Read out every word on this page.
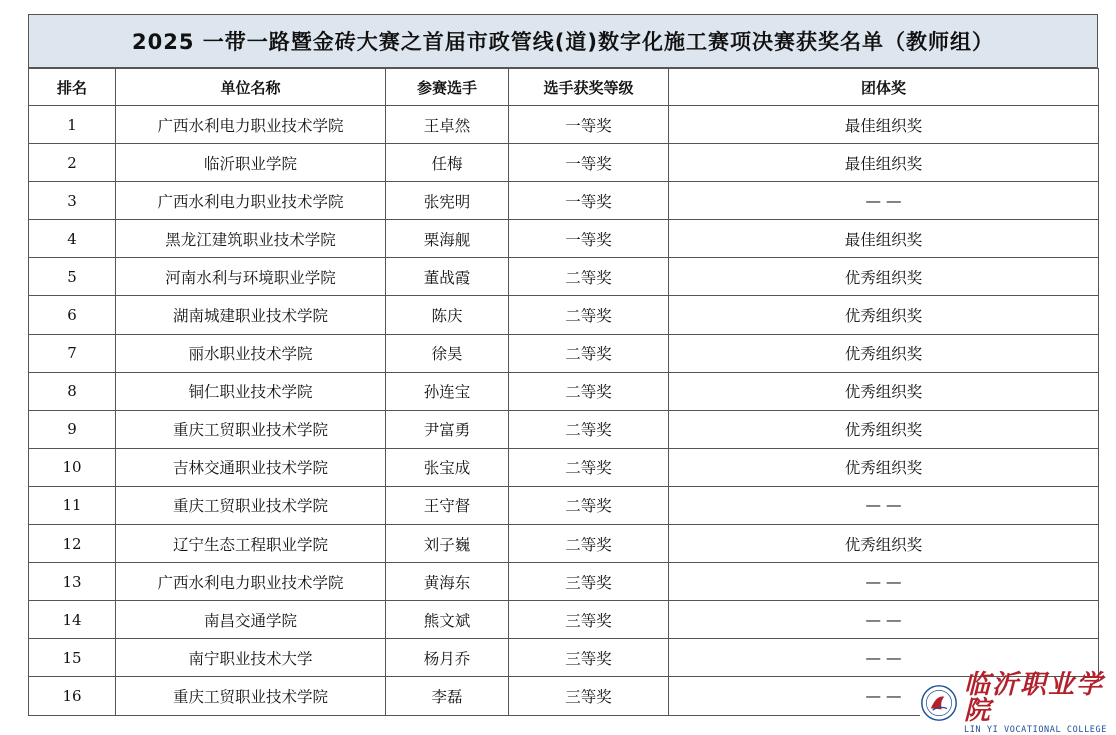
2025 一带一路暨金砖大赛之首届市政管线(道)数字化施工赛项决赛获奖名单（教师组）
排名	单位名称	参赛选手	选手获奖等级	团体奖
1	广西水利电力职业技术学院	王卓然	一等奖	最佳组织奖
2	临沂职业学院	任梅	一等奖	最佳组织奖
3	广西水利电力职业技术学院	张宪明	一等奖	— —
4	黑龙江建筑职业技术学院	栗海舰	一等奖	最佳组织奖
5	河南水利与环境职业学院	董战霞	二等奖	优秀组织奖
6	湖南城建职业技术学院	陈庆	二等奖	优秀组织奖
7	丽水职业技术学院	徐昊	二等奖	优秀组织奖
8	铜仁职业技术学院	孙连宝	二等奖	优秀组织奖
9	重庆工贸职业技术学院	尹富勇	二等奖	优秀组织奖
10	吉林交通职业技术学院	张宝成	二等奖	优秀组织奖
11	重庆工贸职业技术学院	王守督	二等奖	— —
12	辽宁生态工程职业学院	刘子巍	二等奖	优秀组织奖
13	广西水利电力职业技术学院	黄海东	三等奖	— —
14	南昌交通学院	熊文斌	三等奖	— —
15	南宁职业技术大学	杨月乔	三等奖	— —
16	重庆工贸职业技术学院	李磊	三等奖	— — 临沂职业学院
LIN YI VOCATIONAL COLLEGE
